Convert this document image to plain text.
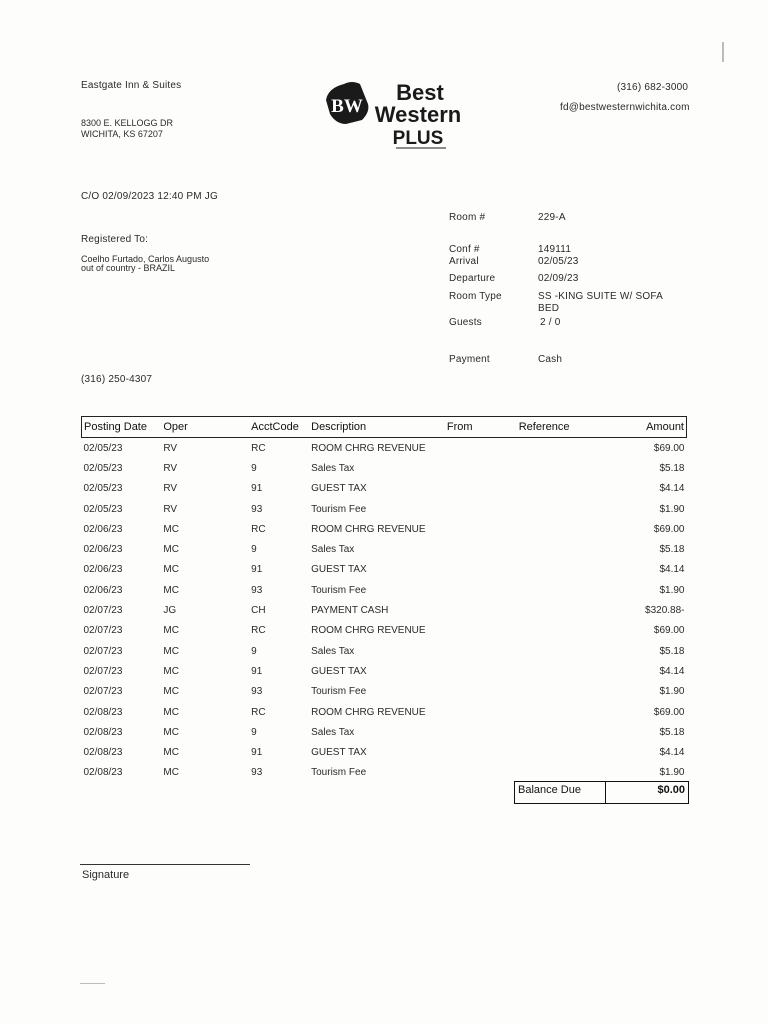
Eastgate Inn & Suites
8300 E. KELLOGG DR
WICHITA, KS 67207
BW
Best
Western
PLUS
(316) 682-3000
fd@bestwesternwichita.com
C/O 02/09/2023 12:40 PM JG
Registered To:
Coelho Furtado, Carlos Augusto
out of country - BRAZIL
(316) 250-4307
Room #	229-A
Conf #	149111
Arrival	02/05/23
Departure	02/09/23
Room Type	SS -KING SUITE W/ SOFA BED
Guests	2 / 0
Payment	Cash
Posting Date	Oper	AcctCode	Description	From	Reference	Amount
02/05/23	RV	RC	ROOM CHRG REVENUE			$69.00
02/05/23	RV	9	Sales Tax			$5.18
02/05/23	RV	91	GUEST TAX			$4.14
02/05/23	RV	93	Tourism Fee			$1.90
02/06/23	MC	RC	ROOM CHRG REVENUE			$69.00
02/06/23	MC	9	Sales Tax			$5.18
02/06/23	MC	91	GUEST TAX			$4.14
02/06/23	MC	93	Tourism Fee			$1.90
02/07/23	JG	CH	PAYMENT CASH			$320.88-
02/07/23	MC	RC	ROOM CHRG REVENUE			$69.00
02/07/23	MC	9	Sales Tax			$5.18
02/07/23	MC	91	GUEST TAX			$4.14
02/07/23	MC	93	Tourism Fee			$1.90
02/08/23	MC	RC	ROOM CHRG REVENUE			$69.00
02/08/23	MC	9	Sales Tax			$5.18
02/08/23	MC	91	GUEST TAX			$4.14
02/08/23	MC	93	Tourism Fee			$1.90
Balance Due	$0.00
Signature
